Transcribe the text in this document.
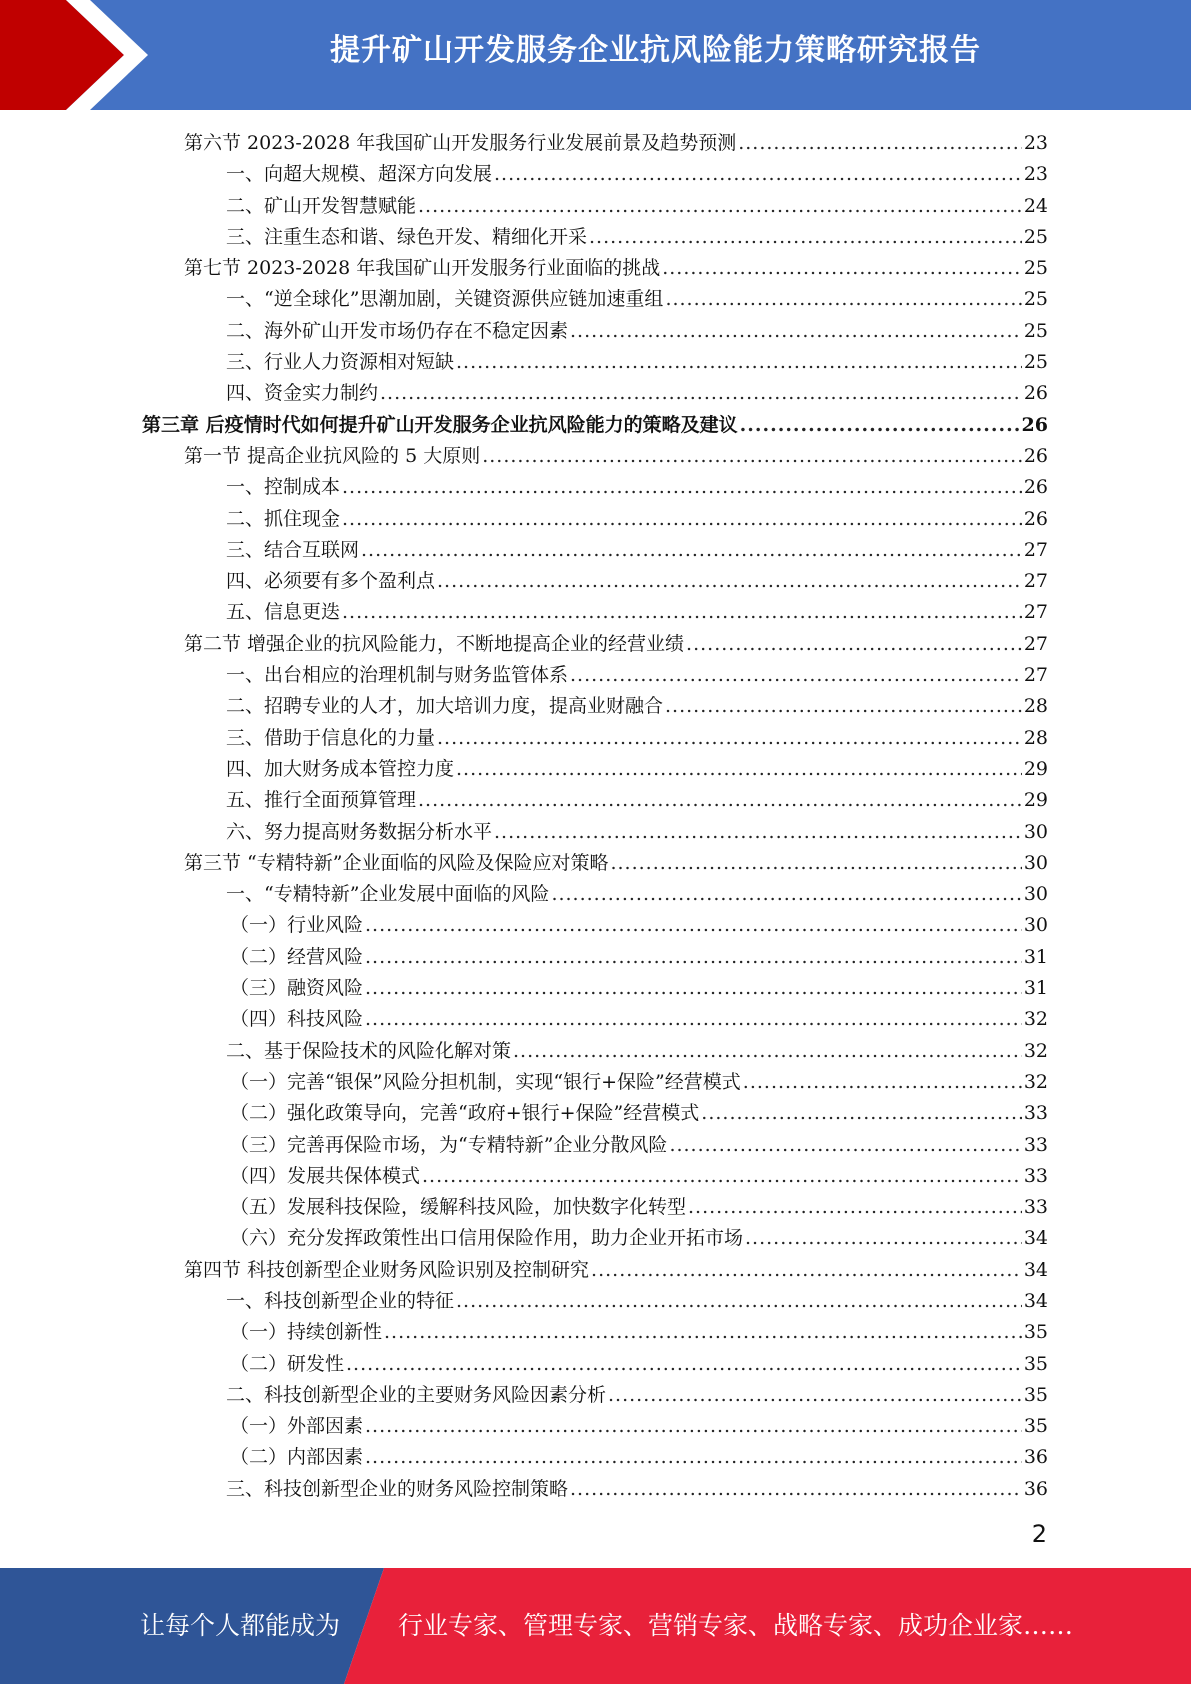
提升矿山开发服务企业抗风险能力策略研究报告
第六节 2023-2028 年我国矿山开发服务行业发展前景及趋势预测 .....	23
一、向超大规模、超深方向发展 .....	23
二、矿山开发智慧赋能 .....	24
三、注重生态和谐、绿色开发、精细化开采 .....	25
第七节 2023-2028 年我国矿山开发服务行业面临的挑战 .....	25
一、“逆全球化”思潮加剧，关键资源供应链加速重组 .....	25
二、海外矿山开发市场仍存在不稳定因素 .....	25
三、行业人力资源相对短缺 .....	25
四、资金实力制约 .....	26
第三章 后疫情时代如何提升矿山开发服务企业抗风险能力的策略及建议 .....	26
第一节 提高企业抗风险的 5 大原则 .....	26
一、控制成本 .....	26
二、抓住现金 .....	26
三、结合互联网 .....	27
四、必须要有多个盈利点 .....	27
五、信息更迭 .....	27
第二节 增强企业的抗风险能力，不断地提高企业的经营业绩 .....	27
一、出台相应的治理机制与财务监管体系 .....	27
二、招聘专业的人才，加大培训力度，提高业财融合 .....	28
三、借助于信息化的力量 .....	28
四、加大财务成本管控力度 .....	29
五、推行全面预算管理 .....	29
六、努力提高财务数据分析水平 .....	30
第三节 “专精特新”企业面临的风险及保险应对策略 .....	30
一、“专精特新”企业发展中面临的风险 .....	30
（一）行业风险 .....	30
（二）经营风险 .....	31
（三）融资风险 .....	31
（四）科技风险 .....	32
二、基于保险技术的风险化解对策 .....	32
（一）完善“银保”风险分担机制，实现“银行+保险”经营模式 .....	32
（二）强化政策导向，完善“政府+银行+保险”经营模式 .....	33
（三）完善再保险市场，为“专精特新”企业分散风险 .....	33
（四）发展共保体模式 .....	33
（五）发展科技保险，缓解科技风险，加快数字化转型 .....	33
（六）充分发挥政策性出口信用保险作用，助力企业开拓市场 .....	34
第四节 科技创新型企业财务风险识别及控制研究 .....	34
一、科技创新型企业的特征 .....	34
（一）持续创新性 .....	35
（二）研发性 .....	35
二、科技创新型企业的主要财务风险因素分析 .....	35
（一）外部因素 .....	35
（二）内部因素 .....	36
三、科技创新型企业的财务风险控制策略 .....	36
2
让每个人都能成为 行业专家、管理专家、营销专家、战略专家、成功企业家……
